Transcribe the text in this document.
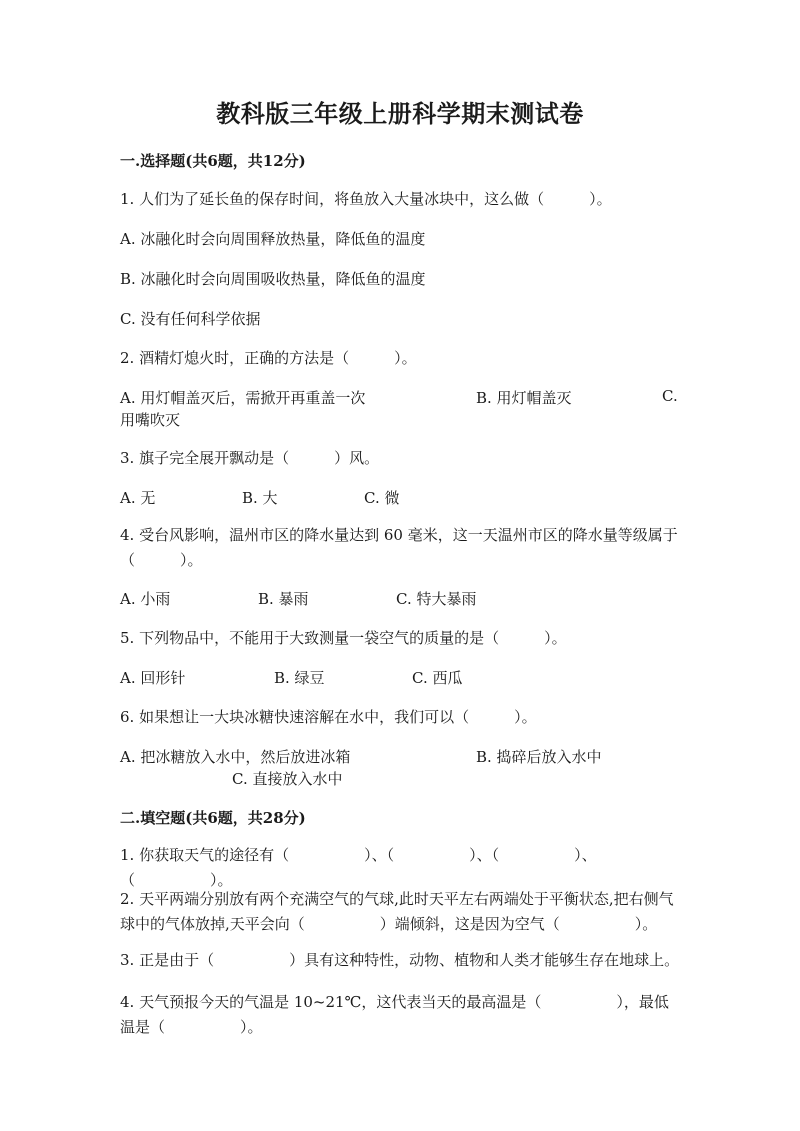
教科版三年级上册科学期末测试卷
一.选择题(共6题，共12分)
1. 人们为了延长鱼的保存时间，将鱼放入大量冰块中，这么做（　　　）。
A. 冰融化时会向周围释放热量，降低鱼的温度
B. 冰融化时会向周围吸收热量，降低鱼的温度
C. 没有任何科学依据
2. 酒精灯熄火时，正确的方法是（　　　）。
A. 用灯帽盖灭后，需掀开再重盖一次	B. 用灯帽盖灭	C.
用嘴吹灭
3. 旗子完全展开飘动是（　　　）风。
A. 无	B. 大	C. 微
4. 受台风影响，温州市区的降水量达到 60 毫米，这一天温州市区的降水量等级属于（　　　）。
A. 小雨	B. 暴雨	C. 特大暴雨
5. 下列物品中，不能用于大致测量一袋空气的质量的是（　　　）。
A. 回形针	B. 绿豆	C. 西瓜
6. 如果想让一大块冰糖快速溶解在水中，我们可以（　　　）。
A. 把冰糖放入水中，然后放进冰箱	B. 捣碎后放入水中
C. 直接放入水中
二.填空题(共6题，共28分)
1. 你获取天气的途径有（　　　　　）、（　　　　　）、（　　　　　）、（　　　　　）。
2. 天平两端分别放有两个充满空气的气球,此时天平左右两端处于平衡状态,把右侧气球中的气体放掉,天平会向（　　　　　）端倾斜，这是因为空气（　　　　　）。
3. 正是由于（　　　　　）具有这种特性，动物、植物和人类才能够生存在地球上。
4. 天气预报今天的气温是 10~21℃，这代表当天的最高温是（　　　　　），最低温是（　　　　　）。
